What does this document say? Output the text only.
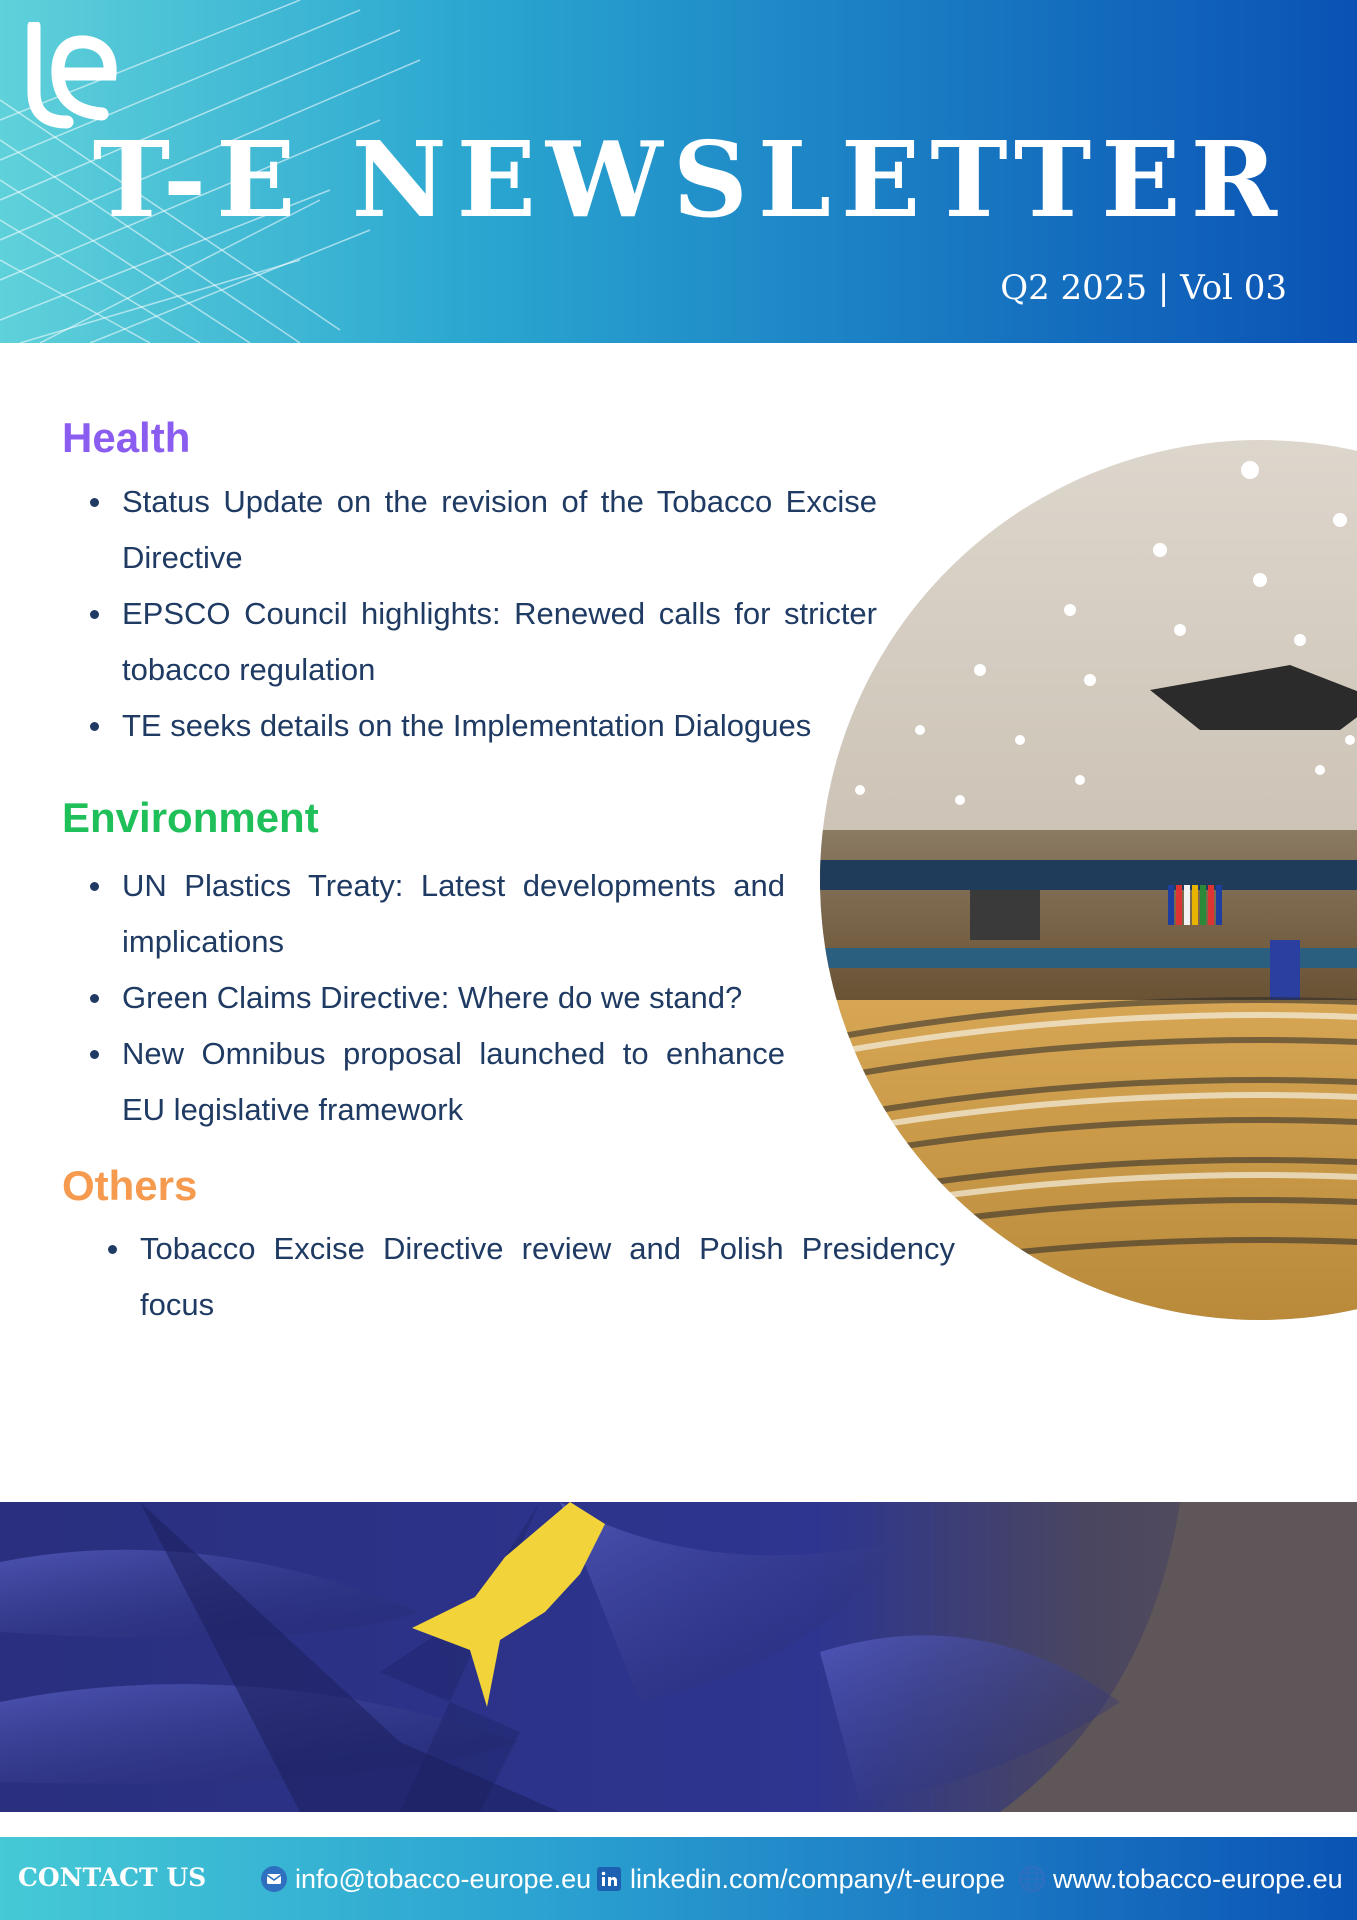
T-E NEWSLETTER
Q2 2025 | Vol 03
Health
Status Update on the revision of the Tobacco Excise Directive
EPSCO Council highlights: Renewed calls for stricter tobacco regulation
TE seeks details on the Implementation Dialogues
Environment
UN Plastics Treaty: Latest developments and implications
Green Claims Directive: Where do we stand?
New Omnibus proposal launched to enhance EU legislative framework
Others
Tobacco Excise Directive review and Polish Presidency focus
CONTACT US	info@tobacco-europe.eu linkedin.com/company/t-europe www.tobacco-europe.eu
